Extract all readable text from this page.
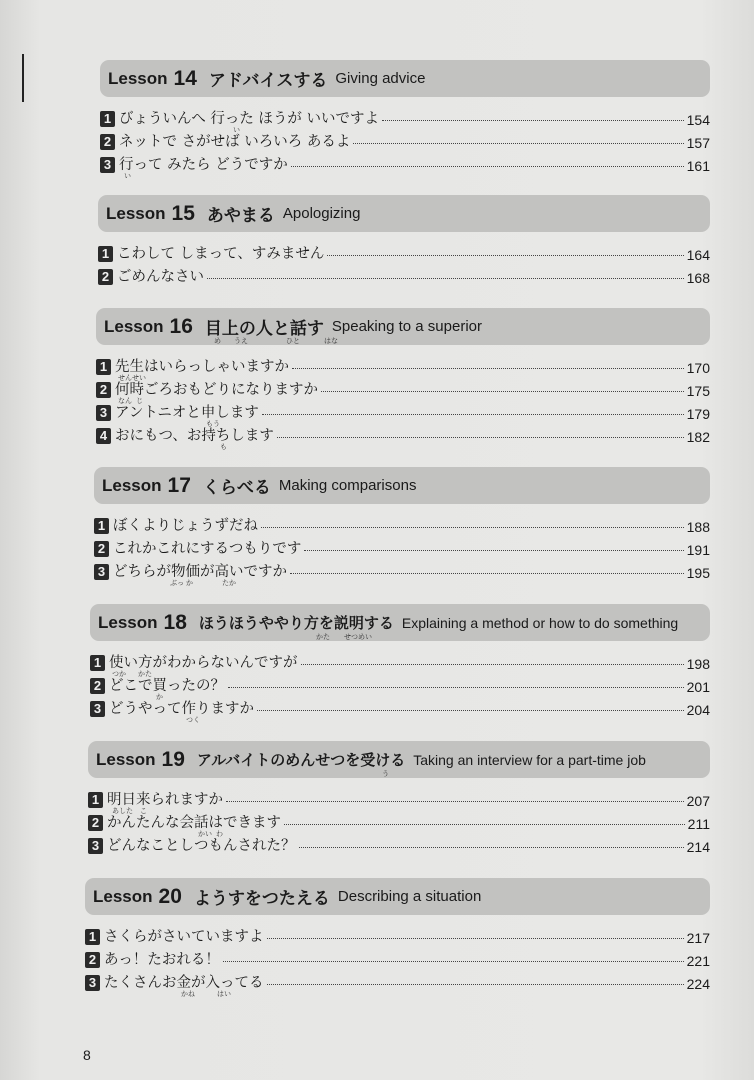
Lesson 14 アドバイスする Giving advice
1 びょういんへ 行った ほうが いいですよ	154
い
2 ネットで さがせば いろいろ あるよ	157
3 行って みたら どうですか	161
い
Lesson 15 あやまる Apologizing
1 こわして しまって、すみません	164
2 ごめんなさい	168
Lesson 16 目上の人と話す Speaking to a superior
め うえ	ひと	はな
1 先生はいらっしゃいますか	170
せんせい
2 何時ごろおもどりになりますか	175
なん じ
3 アントニオと申します	179
もう
4 おにもつ、お持ちします	182
も
Lesson 17 くらべる Making comparisons
1 ぼくよりじょうずだね	188
2 これかこれにするつもりです	191
3 どちらが物価が高いですか	195
ぶっ か	たか
Lesson 18 ほうほうややり方を説明する Explaining a method or how to do something
かた せつめい
1 使い方がわからないんですが	198
つか かた
2 どこで買ったの？	201
か
3 どうやって作りますか	204
つく
Lesson 19 アルバイトのめんせつを受ける Taking an interview for a part-time job
う
1 明日来られますか	207
あした こ
2 かんたんな会話はできます	211
かい わ
3 どんなことしつもんされた？	214
Lesson 20 ようすをつたえる Describing a situation
1 さくらがさいていますよ	217
2 あっ！たおれる！	221
3 たくさんお金が入ってる	224
かね	はい
8
